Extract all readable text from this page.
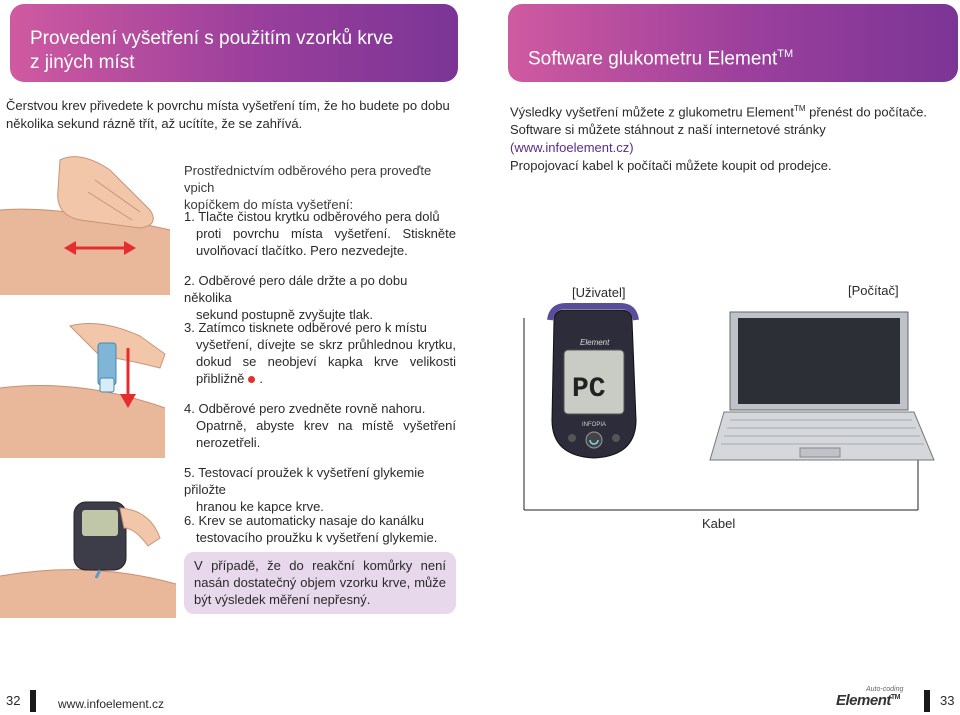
Provedení vyšetření s použitím vzorků krve
z jiných míst	Software glukometru Element™
Čerstvou krev přivedete k povrchu místa vyšetření tím, že ho budete po dobu
několika sekund rázně třít, až ucítíte, že se zahřívá.
Prostřednictvím odběrového pera proveďte vpich
kopíčkem do místa vyšetření:
1. Tlačte čistou krytku odběrového pera dolů
proti povrchu místa vyšetření. Stiskněte uvolňovací tlačítko. Pero nezvedejte.
2. Odběrové pero dále držte a po dobu několika
sekund postupně zvyšujte tlak.
3. Zatímco tisknete odběrové pero k místu
vyšetření, dívejte se skrz průhlednou krytku, dokud se neobjeví kapka krve velikosti přibližně .
4. Odběrové pero zvedněte rovně nahoru.
Opatrně, abyste krev na místě vyšetření nerozetřeli.
5. Testovací proužek k vyšetření glykemie přiložte
hranou ke kapce krve.
6. Krev se automaticky nasaje do kanálku
testovacího proužku k vyšetření glykemie.
V případě, že do reakční komůrky není nasán dostatečný objem vzorku krve, může být výsledek měření nepřesný.
Výsledky vyšetření můžete z glukometru Element™ přenést do počítače.
Software si můžete stáhnout z naší internetové stránky
(www.infoelement.cz)
Propojovací kabel k počítači můžete koupit od prodejce.
[Uživatel]	[Počítač]
Kabel
PC
Element
INFOPIA
32	www.infoelement.cz
Auto-coding
Element™	33
